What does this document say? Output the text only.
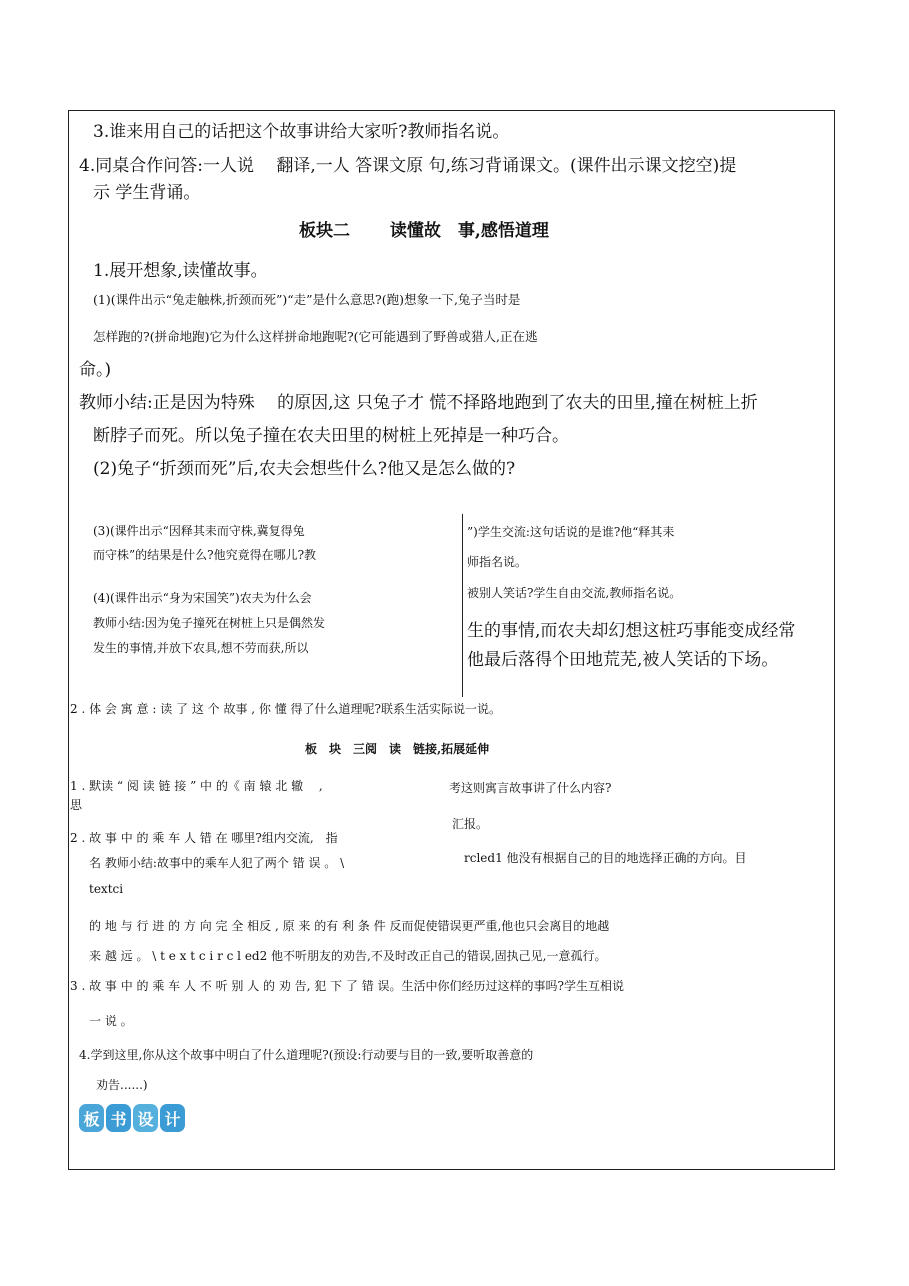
3.谁来用自己的话把这个故事讲给大家听?教师指名说。
4.同桌合作问答:一人说　 翻译,一人 答课文原 句,练习背诵课文。(课件出示课文挖空)提
示 学生背诵。
板块二　　 读懂故　事,感悟道理
1.展开想象,读懂故事。
(1)(课件出示“兔走触株,折颈而死”)“走”是什么意思?(跑)想象一下,兔子当时是
怎样跑的?(拼命地跑)它为什么这样拼命地跑呢?(它可能遇到了野兽或猎人,正在逃
命。)
教师小结:正是因为特殊　 的原因,这 只兔子才 慌不择路地跑到了农夫的田里,撞在树桩上折
断脖子而死。所以兔子撞在农夫田里的树桩上死掉是一种巧合。
(2)兔子“折颈而死”后,农夫会想些什么?他又是怎么做的?
(3)(课件出示“因释其耒而守株,冀复得兔
而守株”的结果是什么?他究竟得在哪儿?教
(4)(课件出示“身为宋国笑”)农夫为什么会
教师小结:因为兔子撞死在树桩上只是偶然发
发生的事情,并放下农具,想不劳而获,所以
”)学生交流:这句话说的是谁?他“释其耒
师指名说。
被别人笑话?学生自由交流,教师指名说。
生的事情,而农夫却幻想这桩巧事能变成经常
他最后落得个田地荒芜,被人笑话的下场。
2 . 体 会 寓 意 : 读 了 这 个 故事 , 你 懂 得了什么道理呢?联系生活实际说一说。
板　块　三阅　读　链接,拓展延伸
1 . 默读 “ 阅 读 链 接 ” 中 的《 南 辕 北 辙　 ,
思
考这则寓言故事讲了什么内容?
2 . 故 事 中 的 乘 车 人 错 在 哪里?组内交流,　指
汇报。
名 教师小结:故事中的乘车人犯了两个 错 误 。 \	rcled1 他没有根据自己的目的地选择正确的方向。目
textci
的 地 与 行 进 的 方 向 完 全 相反 , 原 来 的有 利 条 件 反而促使错误更严重,他也只会离目的地越
来 越 远 。 \ t e x t c i r c l ed2 他不听朋友的劝告,不及时改正自己的错误,固执己见,一意孤行。
3 . 故 事 中 的 乘 车 人 不 听 别 人 的 劝 告, 犯 下 了 错 误。生活中你们经历过这样的事吗?学生互相说
一 说 。
4.学到这里,你从这个故事中明白了什么道理呢?(预设:行动要与目的一致,要听取善意的
劝告......)
板 书 设 计
